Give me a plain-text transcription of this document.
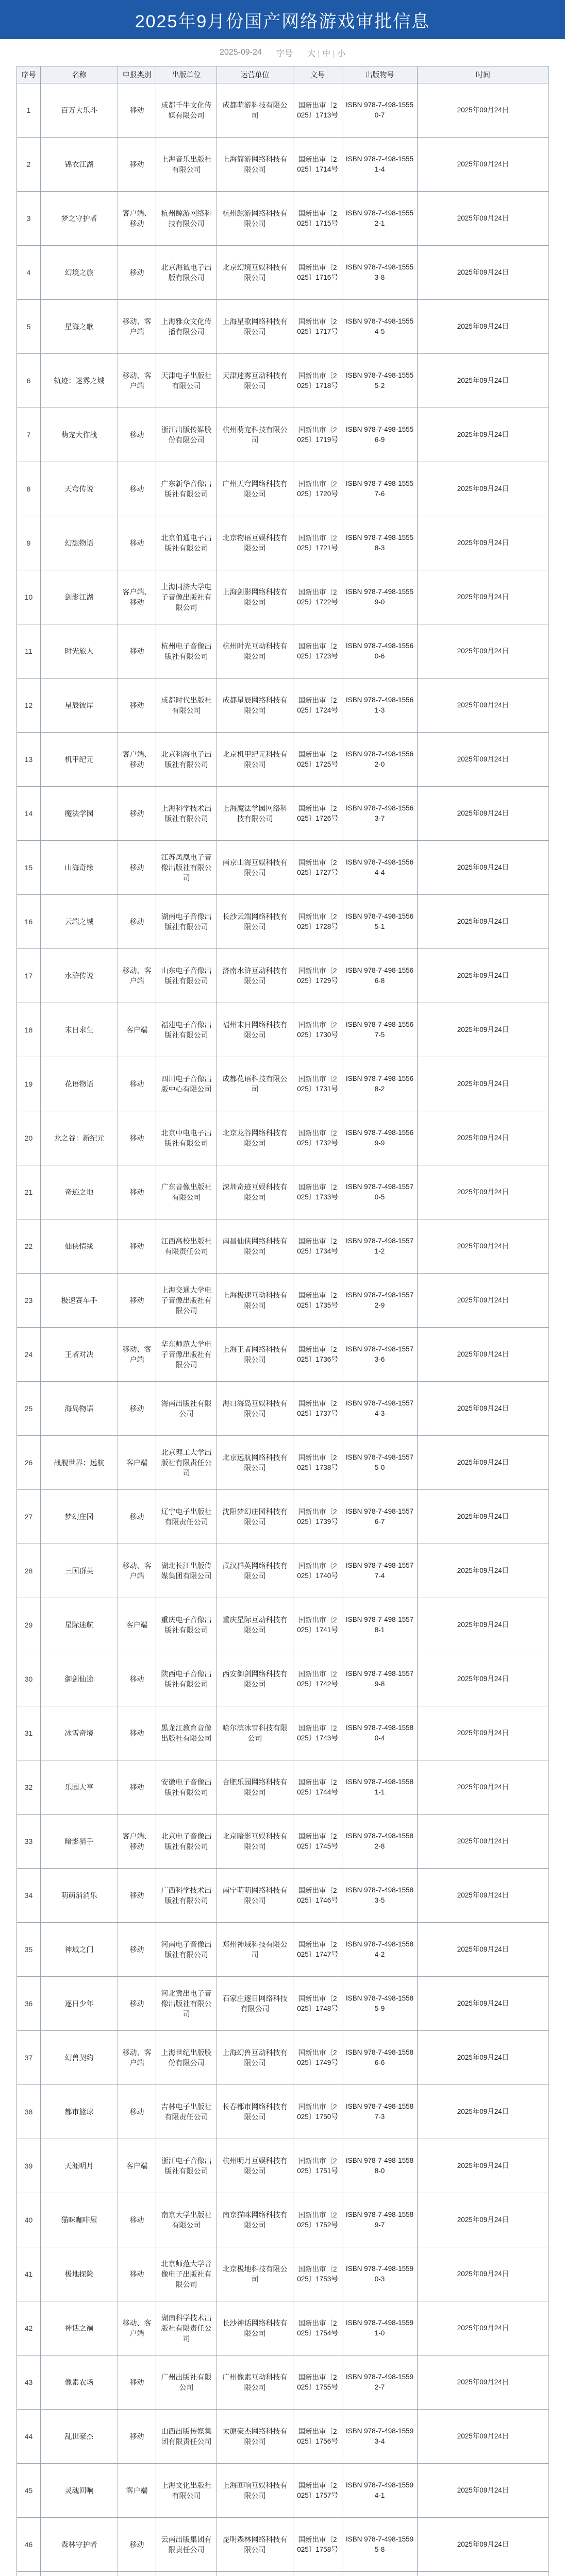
2025年9月份国产网络游戏审批信息
2025-09-24 字号 大 | 中 | 小
序号	名称	申报类别	出版单位	运营单位	文号	出版物号	时间
1	百万大乐斗	移动	成都千牛文化传媒有限公司	成都萌游科技有限公司	国新出审〔2025〕1713号	ISBN 978-7-498-15550-7	2025年09月24日
2	锦衣江湖	移动	上海音乐出版社有限公司	上海简游网络科技有限公司	国新出审〔2025〕1714号	ISBN 978-7-498-15551-4	2025年09月24日
3	梦之守护者	客户端、移动	杭州鲸游网络科技有限公司	杭州鲸游网络科技有限公司	国新出审〔2025〕1715号	ISBN 978-7-498-15552-1	2025年09月24日
4	幻境之旅	移动	北京海诚电子出版有限公司	北京幻境互娱科技有限公司	国新出审〔2025〕1716号	ISBN 978-7-498-15553-8	2025年09月24日
5	星海之歌	移动、客户端	上海雅众文化传播有限公司	上海星歌网络科技有限公司	国新出审〔2025〕1717号	ISBN 978-7-498-15554-5	2025年09月24日
6	轨迹：迷雾之城	移动、客户端	天津电子出版社有限公司	天津迷雾互动科技有限公司	国新出审〔2025〕1718号	ISBN 978-7-498-15555-2	2025年09月24日
7	萌宠大作战	移动	浙江出版传媒股份有限公司	杭州萌宠科技有限公司	国新出审〔2025〕1719号	ISBN 978-7-498-15556-9	2025年09月24日
8	天穹传说	移动	广东新华音像出版社有限公司	广州天穹网络科技有限公司	国新出审〔2025〕1720号	ISBN 978-7-498-15557-6	2025年09月24日
9	幻想物语	移动	北京伯通电子出版社有限公司	北京物语互娱科技有限公司	国新出审〔2025〕1721号	ISBN 978-7-498-15558-3	2025年09月24日
10	剑影江湖	客户端、移动	上海同济大学电子音像出版社有限公司	上海剑影网络科技有限公司	国新出审〔2025〕1722号	ISBN 978-7-498-15559-0	2025年09月24日
11	时光旅人	移动	杭州电子音像出版社有限公司	杭州时光互动科技有限公司	国新出审〔2025〕1723号	ISBN 978-7-498-15560-6	2025年09月24日
12	星辰彼岸	移动	成都时代出版社有限公司	成都星辰网络科技有限公司	国新出审〔2025〕1724号	ISBN 978-7-498-15561-3	2025年09月24日
13	机甲纪元	客户端、移动	北京科海电子出版社有限公司	北京机甲纪元科技有限公司	国新出审〔2025〕1725号	ISBN 978-7-498-15562-0	2025年09月24日
14	魔法学园	移动	上海科学技术出版社有限公司	上海魔法学园网络科技有限公司	国新出审〔2025〕1726号	ISBN 978-7-498-15563-7	2025年09月24日
15	山海奇缘	移动	江苏凤凰电子音像出版社有限公司	南京山海互娱科技有限公司	国新出审〔2025〕1727号	ISBN 978-7-498-15564-4	2025年09月24日
16	云端之城	移动	湖南电子音像出版社有限公司	长沙云端网络科技有限公司	国新出审〔2025〕1728号	ISBN 978-7-498-15565-1	2025年09月24日
17	水浒传说	移动、客户端	山东电子音像出版社有限公司	济南水浒互动科技有限公司	国新出审〔2025〕1729号	ISBN 978-7-498-15566-8	2025年09月24日
18	末日求生	客户端	福建电子音像出版社有限公司	福州末日网络科技有限公司	国新出审〔2025〕1730号	ISBN 978-7-498-15567-5	2025年09月24日
19	花语物语	移动	四川电子音像出版中心有限公司	成都花语科技有限公司	国新出审〔2025〕1731号	ISBN 978-7-498-15568-2	2025年09月24日
20	龙之谷：新纪元	移动	北京中电电子出版社有限公司	北京龙谷网络科技有限公司	国新出审〔2025〕1732号	ISBN 978-7-498-15569-9	2025年09月24日
21	奇迹之地	移动	广东音像出版社有限公司	深圳奇迹互娱科技有限公司	国新出审〔2025〕1733号	ISBN 978-7-498-15570-5	2025年09月24日
22	仙侠情缘	移动	江西高校出版社有限责任公司	南昌仙侠网络科技有限公司	国新出审〔2025〕1734号	ISBN 978-7-498-15571-2	2025年09月24日
23	极速赛车手	移动	上海交通大学电子音像出版社有限公司	上海极速互动科技有限公司	国新出审〔2025〕1735号	ISBN 978-7-498-15572-9	2025年09月24日
24	王者对决	移动、客户端	华东师范大学电子音像出版社有限公司	上海王者网络科技有限公司	国新出审〔2025〕1736号	ISBN 978-7-498-15573-6	2025年09月24日
25	海岛物语	移动	海南出版社有限公司	海口海岛互娱科技有限公司	国新出审〔2025〕1737号	ISBN 978-7-498-15574-3	2025年09月24日
26	战舰世界：远航	客户端	北京理工大学出版社有限责任公司	北京远航网络科技有限公司	国新出审〔2025〕1738号	ISBN 978-7-498-15575-0	2025年09月24日
27	梦幻庄园	移动	辽宁电子出版社有限责任公司	沈阳梦幻庄园科技有限公司	国新出审〔2025〕1739号	ISBN 978-7-498-15576-7	2025年09月24日
28	三国群英	移动、客户端	湖北长江出版传媒集团有限公司	武汉群英网络科技有限公司	国新出审〔2025〕1740号	ISBN 978-7-498-15577-4	2025年09月24日
29	星际迷航	客户端	重庆电子音像出版社有限公司	重庆星际互动科技有限公司	国新出审〔2025〕1741号	ISBN 978-7-498-15578-1	2025年09月24日
30	御剑仙途	移动	陕西电子音像出版社有限公司	西安御剑网络科技有限公司	国新出审〔2025〕1742号	ISBN 978-7-498-15579-8	2025年09月24日
31	冰雪奇境	移动	黑龙江教育音像出版社有限公司	哈尔滨冰雪科技有限公司	国新出审〔2025〕1743号	ISBN 978-7-498-15580-4	2025年09月24日
32	乐园大亨	移动	安徽电子音像出版社有限公司	合肥乐园网络科技有限公司	国新出审〔2025〕1744号	ISBN 978-7-498-15581-1	2025年09月24日
33	暗影猎手	客户端、移动	北京电子音像出版社有限公司	北京暗影互娱科技有限公司	国新出审〔2025〕1745号	ISBN 978-7-498-15582-8	2025年09月24日
34	萌萌消消乐	移动	广西科学技术出版社有限公司	南宁萌萌网络科技有限公司	国新出审〔2025〕1746号	ISBN 978-7-498-15583-5	2025年09月24日
35	神域之门	移动	河南电子音像出版社有限公司	郑州神域科技有限公司	国新出审〔2025〕1747号	ISBN 978-7-498-15584-2	2025年09月24日
36	逐日少年	移动	河北冀出电子音像出版社有限公司	石家庄逐日网络科技有限公司	国新出审〔2025〕1748号	ISBN 978-7-498-15585-9	2025年09月24日
37	幻兽契约	移动、客户端	上海世纪出版股份有限公司	上海幻兽互动科技有限公司	国新出审〔2025〕1749号	ISBN 978-7-498-15586-6	2025年09月24日
38	都市篮球	移动	吉林电子出版社有限责任公司	长春都市网络科技有限公司	国新出审〔2025〕1750号	ISBN 978-7-498-15587-3	2025年09月24日
39	天涯明月	客户端	浙江电子音像出版社有限公司	杭州明月互娱科技有限公司	国新出审〔2025〕1751号	ISBN 978-7-498-15588-0	2025年09月24日
40	猫咪咖啡屋	移动	南京大学出版社有限公司	南京猫咪网络科技有限公司	国新出审〔2025〕1752号	ISBN 978-7-498-15589-7	2025年09月24日
41	极地探险	移动	北京师范大学音像电子出版社有限公司	北京极地科技有限公司	国新出审〔2025〕1753号	ISBN 978-7-498-15590-3	2025年09月24日
42	神话之巅	移动、客户端	湖南科学技术出版社有限责任公司	长沙神话网络科技有限公司	国新出审〔2025〕1754号	ISBN 978-7-498-15591-0	2025年09月24日
43	像素农场	移动	广州出版社有限公司	广州像素互动科技有限公司	国新出审〔2025〕1755号	ISBN 978-7-498-15592-7	2025年09月24日
44	乱世豪杰	移动	山西出版传媒集团有限责任公司	太原豪杰网络科技有限公司	国新出审〔2025〕1756号	ISBN 978-7-498-15593-4	2025年09月24日
45	灵魂回响	客户端	上海文化出版社有限公司	上海回响互娱科技有限公司	国新出审〔2025〕1757号	ISBN 978-7-498-15594-1	2025年09月24日
46	森林守护者	移动	云南出版集团有限责任公司	昆明森林网络科技有限公司	国新出审〔2025〕1758号	ISBN 978-7-498-15595-8	2025年09月24日
